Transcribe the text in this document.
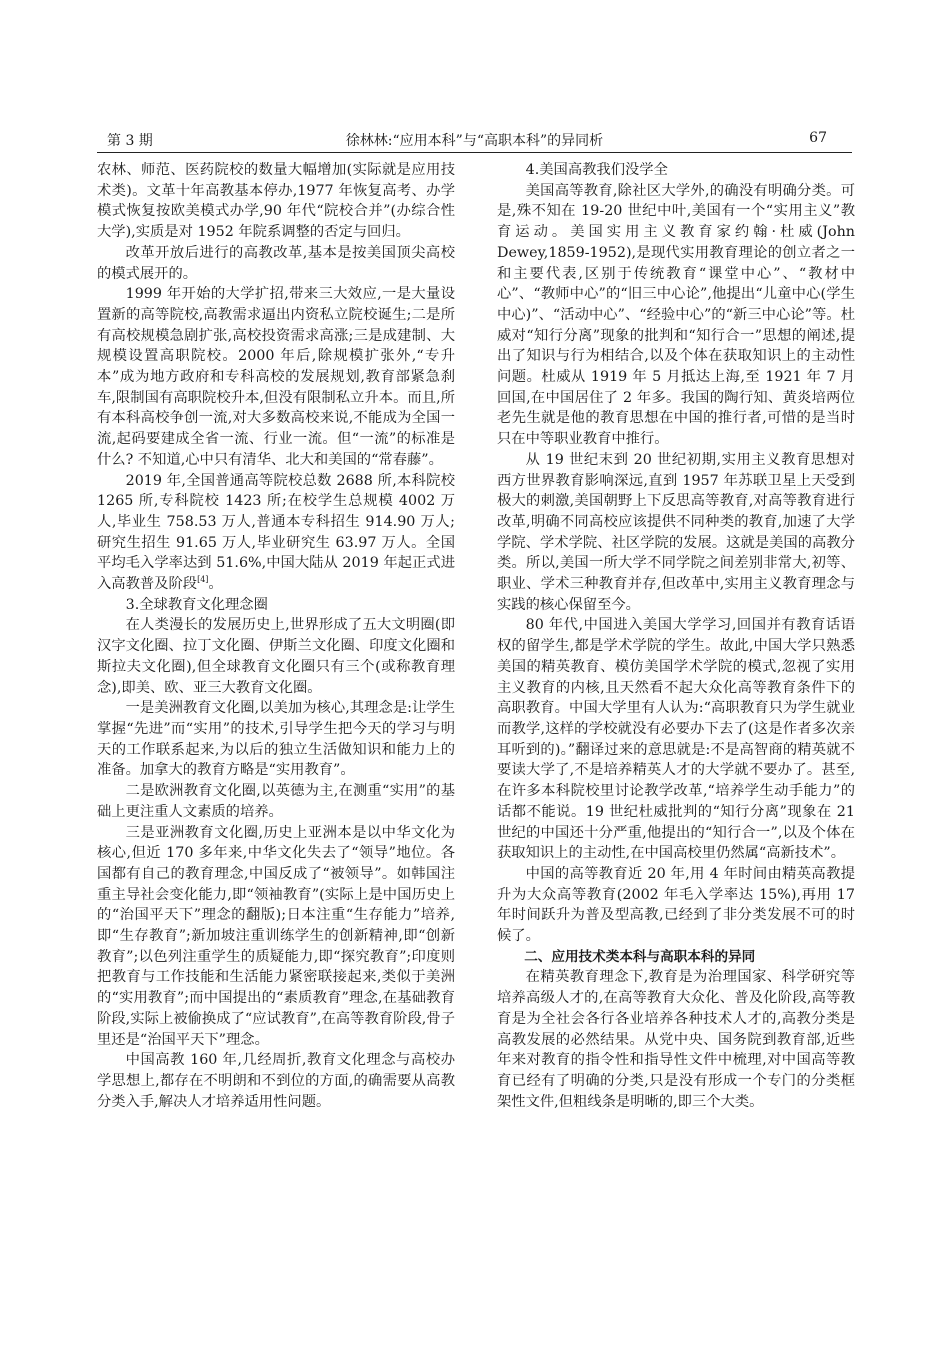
第 3 期	徐林林:“应用本科”与“高职本科”的异同析	67

农林、师范、医药院校的数量大幅增加(实际就是应用技术类)。文革十年高教基本停办,1977 年恢复高考、办学模式恢复按欧美模式办学,90 年代“院校合并”(办综合性大学),实质是对 1952 年院系调整的否定与回归。

改革开放后进行的高教改革,基本是按美国顶尖高校的模式展开的。

1999 年开始的大学扩招,带来三大效应,一是大量设置新的高等院校,高教需求逼出内资私立院校诞生;二是所有高校规模急剧扩张,高校投资需求高涨;三是成建制、大规模设置高职院校。2000 年后,除规模扩张外,“专升本”成为地方政府和专科高校的发展规划,教育部紧急刹车,限制国有高职院校升本,但没有限制私立升本。而且,所有本科高校争创一流,对大多数高校来说,不能成为全国一流,起码要建成全省一流、行业一流。但“一流”的标准是什么? 不知道,心中只有清华、北大和美国的“常春藤”。

2019 年,全国普通高等院校总数 2688 所,本科院校 1265 所,专科院校 1423 所;在校学生总规模 4002 万人,毕业生 758.53 万人,普通本专科招生 914.90 万人;研究生招生 91.65 万人,毕业研究生 63.97 万人。全国平均毛入学率达到 51.6%,中国大陆从 2019 年起正式进入高教普及阶段[4]。

3.全球教育文化理念圈

在人类漫长的发展历史上,世界形成了五大文明圈(即汉字文化圈、拉丁文化圈、伊斯兰文化圈、印度文化圈和斯拉夫文化圈),但全球教育文化圈只有三个(或称教育理念),即美、欧、亚三大教育文化圈。

一是美洲教育文化圈,以美加为核心,其理念是:让学生掌握“先进”而“实用”的技术,引导学生把今天的学习与明天的工作联系起来,为以后的独立生活做知识和能力上的准备。加拿大的教育方略是“实用教育”。

二是欧洲教育文化圈,以英德为主,在测重“实用”的基础上更注重人文素质的培养。

三是亚洲教育文化圈,历史上亚洲本是以中华文化为核心,但近 170 多年来,中华文化失去了“领导”地位。各国都有自己的教育理念,中国反成了“被领导”。如韩国注重主导社会变化能力,即“领袖教育”(实际上是中国历史上的“治国平天下”理念的翻版);日本注重“生存能力”培养,即“生存教育”;新加坡注重训练学生的创新精神,即“创新教育”;以色列注重学生的质疑能力,即“探究教育”;印度则把教育与工作技能和生活能力紧密联接起来,类似于美洲的“实用教育”;而中国提出的“素质教育”理念,在基础教育阶段,实际上被偷换成了“应试教育”,在高等教育阶段,骨子里还是“治国平天下”理念。

中国高教 160 年,几经周折,教育文化理念与高校办学思想上,都存在不明朗和不到位的方面,的确需要从高教分类入手,解决人才培养适用性问题。

4.美国高教我们没学全

美国高等教育,除社区大学外,的确没有明确分类。可是,殊不知在 19-20 世纪中叶,美国有一个“实用主义”教育运动。美国实用主义教育家约翰·杜威(John Dewey,1859-1952),是现代实用教育理论的创立者之一和主要代表,区别于传统教育“课堂中心”、“教材中心”、“教师中心”的“旧三中心论”,他提出“儿童中心(学生中心)”、“活动中心”、“经验中心”的“新三中心论”等。杜威对“知行分离”现象的批判和“知行合一”思想的阐述,提出了知识与行为相结合,以及个体在获取知识上的主动性问题。杜威从 1919 年 5 月抵达上海,至 1921 年 7 月回国,在中国居住了 2 年多。我国的陶行知、黄炎培两位老先生就是他的教育思想在中国的推行者,可惜的是当时只在中等职业教育中推行。

从 19 世纪末到 20 世纪初期,实用主义教育思想对西方世界教育影响深远,直到 1957 年苏联卫星上天受到极大的刺激,美国朝野上下反思高等教育,对高等教育进行改革,明确不同高校应该提供不同种类的教育,加速了大学学院、学术学院、社区学院的发展。这就是美国的高教分类。所以,美国一所大学不同学院之间差别非常大,初等、职业、学术三种教育并存,但改革中,实用主义教育理念与实践的核心保留至今。

80 年代,中国进入美国大学学习,回国并有教育话语权的留学生,都是学术学院的学生。故此,中国大学只熟悉美国的精英教育、模仿美国学术学院的模式,忽视了实用主义教育的内核,且天然看不起大众化高等教育条件下的高职教育。中国大学里有人认为:“高职教育只为学生就业而教学,这样的学校就没有必要办下去了(这是作者多次亲耳听到的)。”翻译过来的意思就是:不是高智商的精英就不要读大学了,不是培养精英人才的大学就不要办了。甚至,在许多本科院校里讨论教学改革,“培养学生动手能力”的话都不能说。19 世纪杜威批判的“知行分离”现象在 21 世纪的中国还十分严重,他提出的“知行合一”,以及个体在获取知识上的主动性,在中国高校里仍然属“高新技术”。

中国的高等教育近 20 年,用 4 年时间由精英高教提升为大众高等教育(2002 年毛入学率达 15%),再用 17 年时间跃升为普及型高教,已经到了非分类发展不可的时候了。

二、应用技术类本科与高职本科的异同

在精英教育理念下,教育是为治理国家、科学研究等培养高级人才的,在高等教育大众化、普及化阶段,高等教育是为全社会各行各业培养各种技术人才的,高教分类是高教发展的必然结果。从党中央、国务院到教育部,近些年来对教育的指令性和指导性文件中梳理,对中国高等教育已经有了明确的分类,只是没有形成一个专门的分类框架性文件,但粗线条是明晰的,即三个大类。
